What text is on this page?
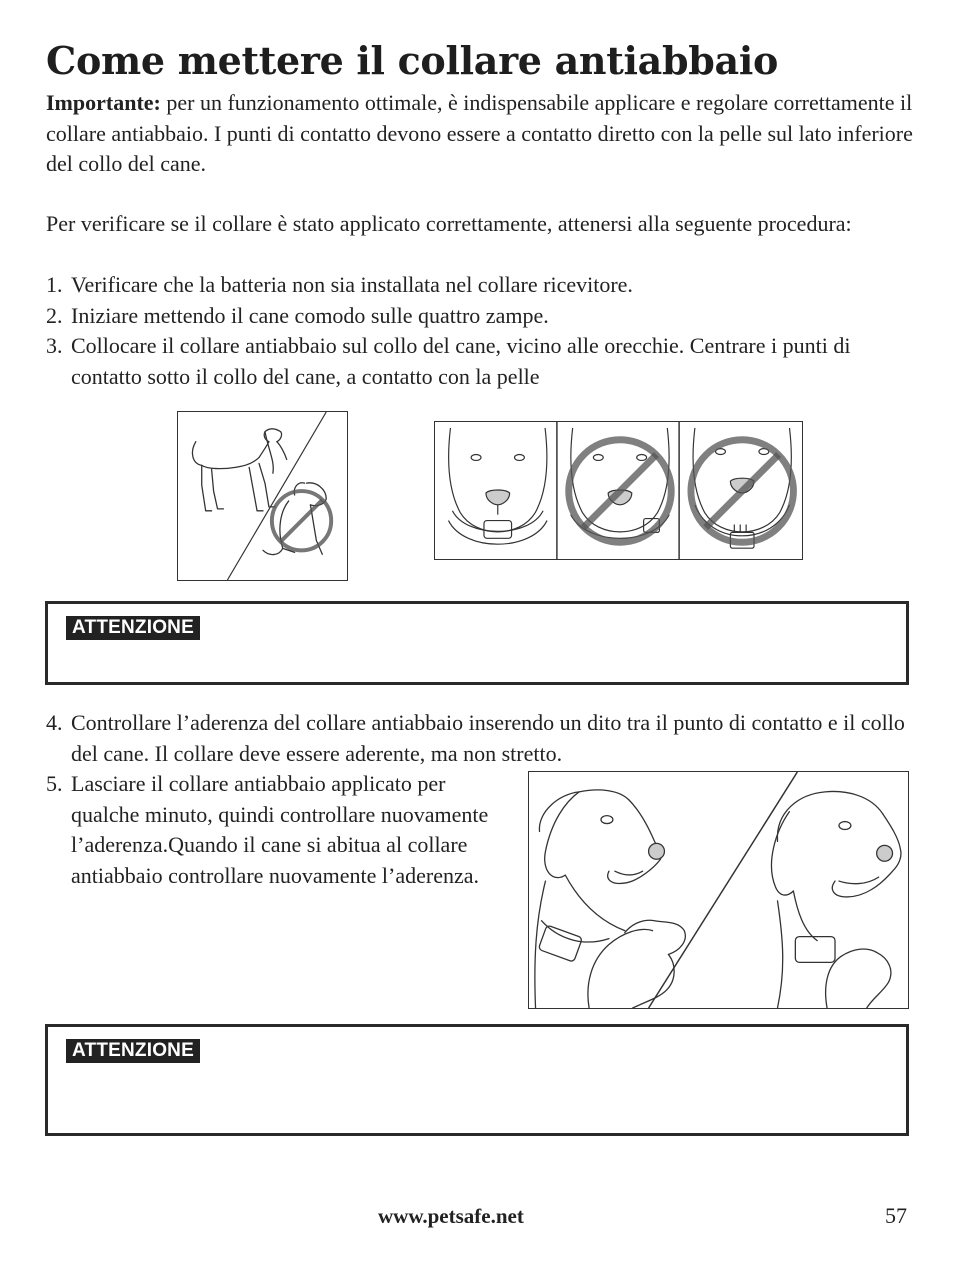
Come mettere il collare antiabbaio

Importante: per un funzionamento ottimale, è indispensabile applicare e regolare correttamente il collare antiabbaio. I punti di contatto devono essere a contatto diretto con la pelle sul lato inferiore del collo del cane.

Per verificare se il collare è stato applicato correttamente, attenersi alla seguente procedura:

1. Verificare che la batteria non sia installata nel collare ricevitore.
2. Iniziare mettendo il cane comodo sulle quattro zampe.
3. Collocare il collare antiabbaio sul collo del cane, vicino alle orecchie. Centrare i punti di contatto sotto il collo del cane, a contatto con la pelle
ATTENZIONE
4. Controllare l’aderenza del collare antiabbaio inserendo un dito tra il punto di contatto e il collo del cane. Il collare deve essere aderente, ma non stretto.
5. Lasciare il collare antiabbaio applicato per qualche minuto, quindi controllare nuovamente l’aderenza.Quando il cane si abitua al collare antiabbaio controllare nuovamente l’aderenza.
ATTENZIONE
www.petsafe.net	57
